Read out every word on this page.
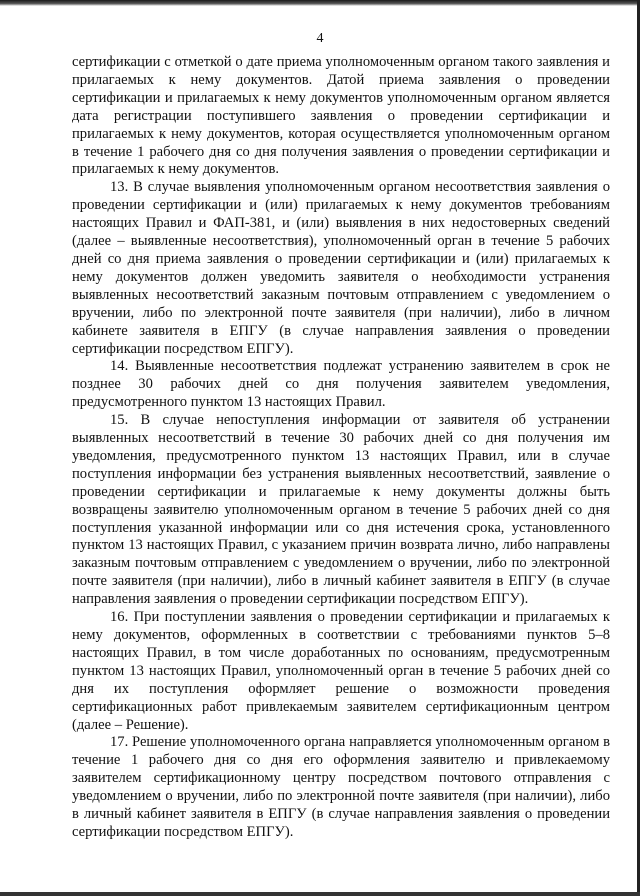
4

сертификации с отметкой о дате приема уполномоченным органом такого заявления и прилагаемых к нему документов. Датой приема заявления о проведении сертификации и прилагаемых к нему документов уполномоченным органом является дата регистрации поступившего заявления о проведении сертификации и прилагаемых к нему документов, которая осуществляется уполномоченным органом в течение 1 рабочего дня со дня получения заявления о проведении сертификации и прилагаемых к нему документов.

13. В случае выявления уполномоченным органом несоответствия заявления о проведении сертификации и (или) прилагаемых к нему документов требованиям настоящих Правил и ФАП-381, и (или) выявления в них недостоверных сведений (далее – выявленные несоответствия), уполномоченный орган в течение 5 рабочих дней со дня приема заявления о проведении сертификации и (или) прилагаемых к нему документов должен уведомить заявителя о необходимости устранения выявленных несоответствий заказным почтовым отправлением с уведомлением о вручении, либо по электронной почте заявителя (при наличии), либо в личном кабинете заявителя в ЕПГУ (в случае направления заявления о проведении сертификации посредством ЕПГУ).

14. Выявленные несоответствия подлежат устранению заявителем в срок не позднее 30 рабочих дней со дня получения заявителем уведомления, предусмотренного пунктом 13 настоящих Правил.

15. В случае непоступления информации от заявителя об устранении выявленных несоответствий в течение 30 рабочих дней со дня получения им уведомления, предусмотренного пунктом 13 настоящих Правил, или в случае поступления информации без устранения выявленных несоответствий, заявление о проведении сертификации и прилагаемые к нему документы должны быть возвращены заявителю уполномоченным органом в течение 5 рабочих дней со дня поступления указанной информации или со дня истечения срока, установленного пунктом 13 настоящих Правил, с указанием причин возврата лично, либо направлены заказным почтовым отправлением с уведомлением о вручении, либо по электронной почте заявителя (при наличии), либо в личный кабинет заявителя в ЕПГУ (в случае направления заявления о проведении сертификации посредством ЕПГУ).

16. При поступлении заявления о проведении сертификации и прилагаемых к нему документов, оформленных в соответствии с требованиями пунктов 5–8 настоящих Правил, в том числе доработанных по основаниям, предусмотренным пунктом 13 настоящих Правил, уполномоченный орган в течение 5 рабочих дней со дня их поступления оформляет решение о возможности проведения сертификационных работ привлекаемым заявителем сертификационным центром (далее – Решение).

17. Решение уполномоченного органа направляется уполномоченным органом в течение 1 рабочего дня со дня его оформления заявителю и привлекаемому заявителем сертификационному центру посредством почтового отправления с уведомлением о вручении, либо по электронной почте заявителя (при наличии), либо в личный кабинет заявителя в ЕПГУ (в случае направления заявления о проведении сертификации посредством ЕПГУ).
